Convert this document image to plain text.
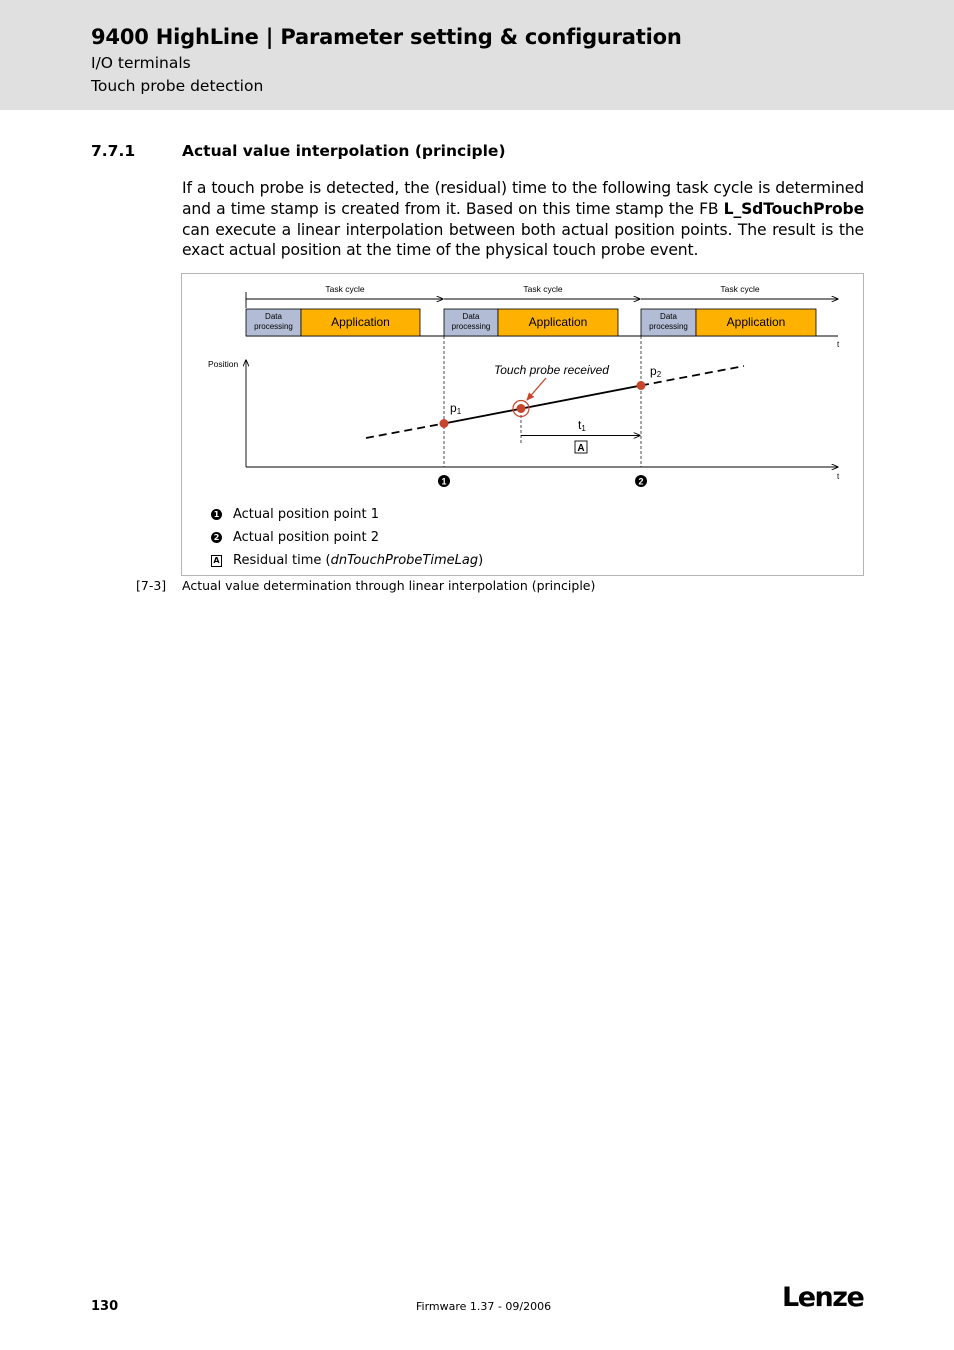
9400 HighLine | Parameter setting & configuration
I/O terminals
Touch probe detection
7.7.1	Actual value interpolation (principle)
If a touch probe is detected, the (residual) time to the following task cycle is determined and a time stamp is created from it. Based on this time stamp the FB L_SdTouchProbe can execute a linear interpolation between both actual position points. The result is the exact actual position at the time of the physical touch probe event.
Task cycle	Task cycle	Task cycle
t
Data
processing	Application	Data
processing	Application	Data
processing	Application
Position
t
Touch probe received
p1
p2
t1
A
1	2
1 Actual position point 1
2 Actual position point 2
A Residual time (dnTouchProbeTimeLag)
[7-3] Actual value determination through linear interpolation (principle)
130	Firmware 1.37 - 09/2006	Lenze
